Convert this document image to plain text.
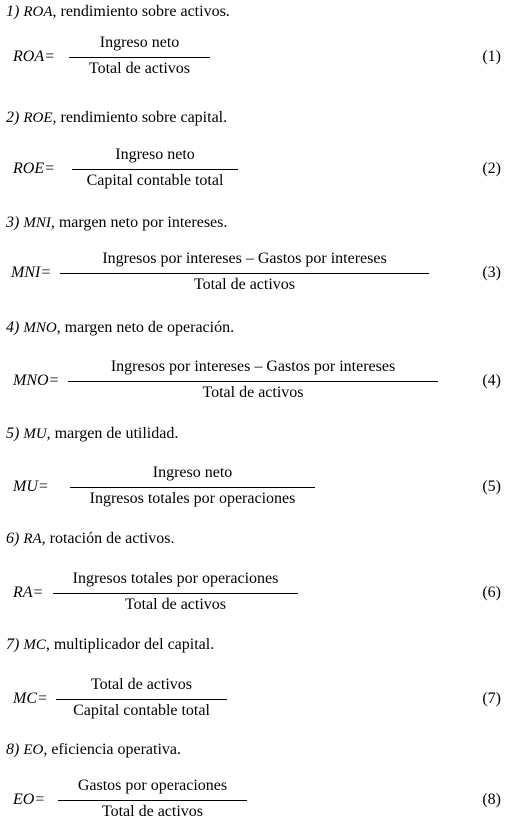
1) ROA, rendimiento sobre activos.
ROA=
Ingreso neto
Total de activos
(1)
2) ROE, rendimiento sobre capital.
ROE=
Ingreso neto
Capital contable total
(2)
3) MNI, margen neto por intereses.
MNI=
Ingresos por intereses – Gastos por intereses
Total de activos
(3)
4) MNO, margen neto de operación.
MNO=
Ingresos por intereses – Gastos por intereses
Total de activos
(4)
5) MU, margen de utilidad.
MU=
Ingreso neto
Ingresos totales por operaciones
(5)
6) RA, rotación de activos.
RA=
Ingresos totales por operaciones
Total de activos
(6)
7) MC, multiplicador del capital.
MC=
Total de activos
Capital contable total
(7)
8) EO, eficiencia operativa.
EO=
Gastos por operaciones
Total de activos
(8)
